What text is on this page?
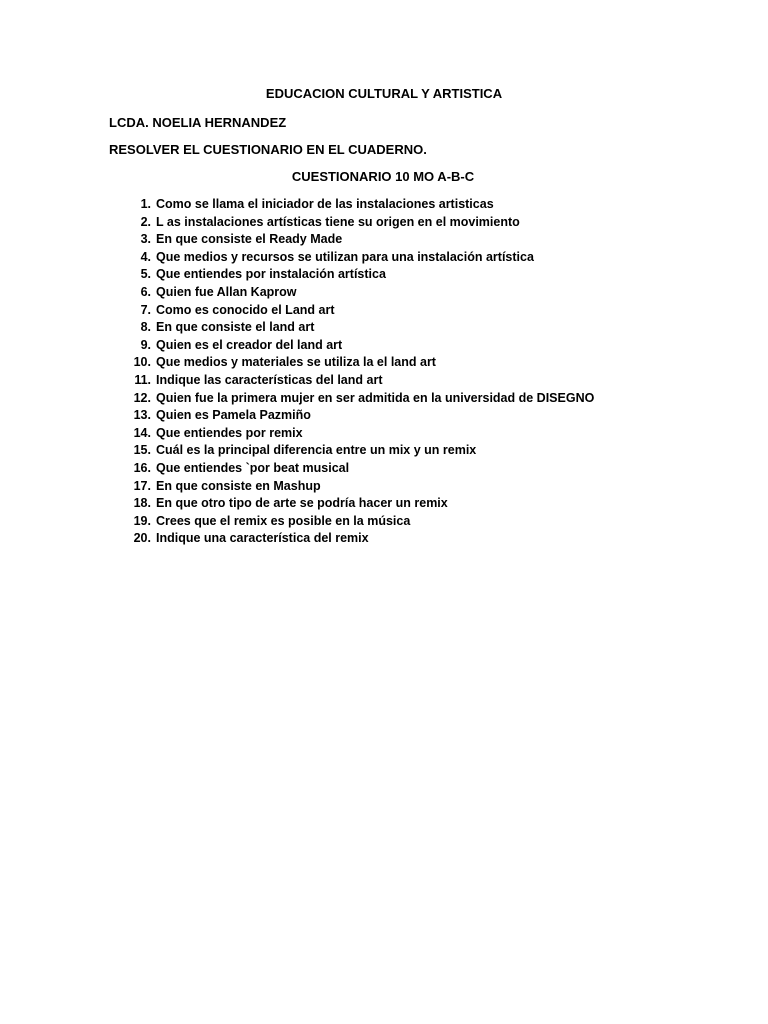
EDUCACION CULTURAL Y ARTISTICA
LCDA. NOELIA HERNANDEZ
RESOLVER EL CUESTIONARIO EN EL CUADERNO.
CUESTIONARIO 10 MO A-B-C
1. Como se llama el iniciador de las instalaciones artisticas
2. L as instalaciones artísticas tiene su origen en el movimiento
3. En que consiste el Ready Made
4. Que medios y recursos se utilizan para una instalación artística
5. Que entiendes por instalación artística
6. Quien fue Allan Kaprow
7. Como es conocido el Land art
8. En que consiste el land art
9. Quien es el creador del land art
10. Que medios y materiales se utiliza la el land art
11. Indique las características del land art
12. Quien fue la primera mujer en ser admitida en la universidad de DISEGNO
13. Quien es Pamela Pazmiño
14. Que entiendes por remix
15. Cuál es la principal diferencia entre un mix y un remix
16. Que entiendes `por beat musical
17. En que consiste en Mashup
18. En que otro tipo de arte se podría hacer un remix
19. Crees que el remix es posible en la música
20. Indique una característica del remix
